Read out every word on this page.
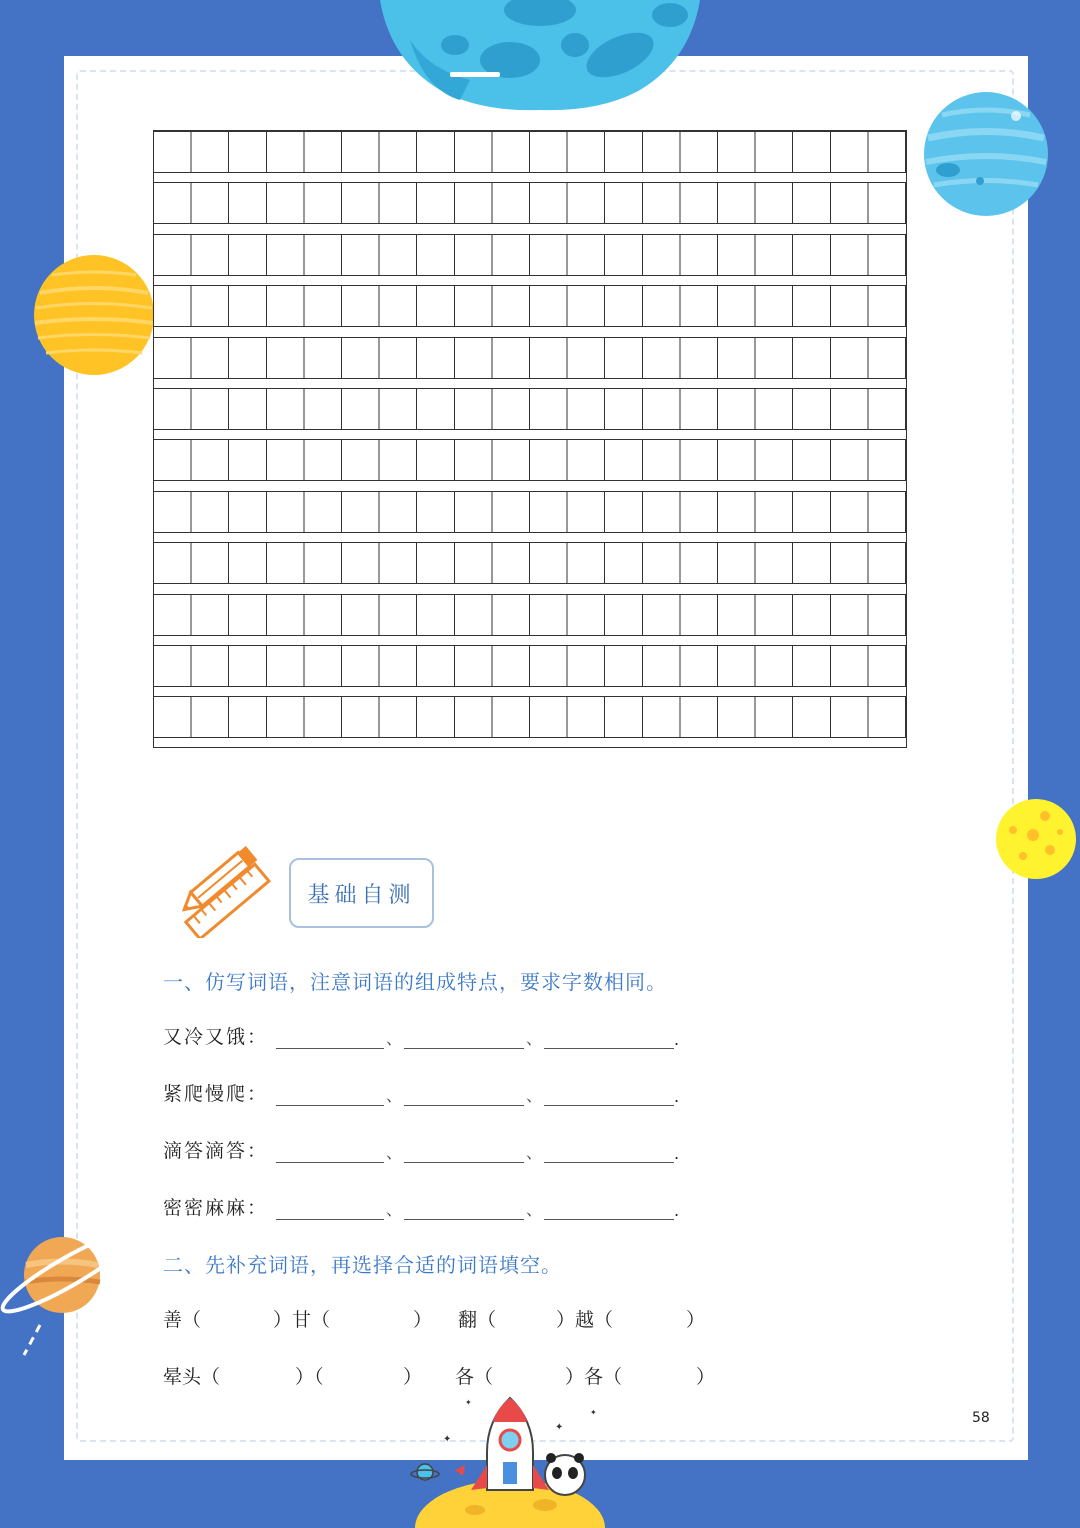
基础自测
一、仿写词语，注意词语的组成特点，要求字数相同。
又冷又饿：	、	、	.
紧爬慢爬：	、	、	.
滴答滴答：	、	、	.
密密麻麻：	、	、	.
二、先补充词语，再选择合适的词语填空。
善（	）甘（	） 翻（	）越（	）
晕头（	）（	） 各（	）各（	）
58
✦
✦
✦
✦
